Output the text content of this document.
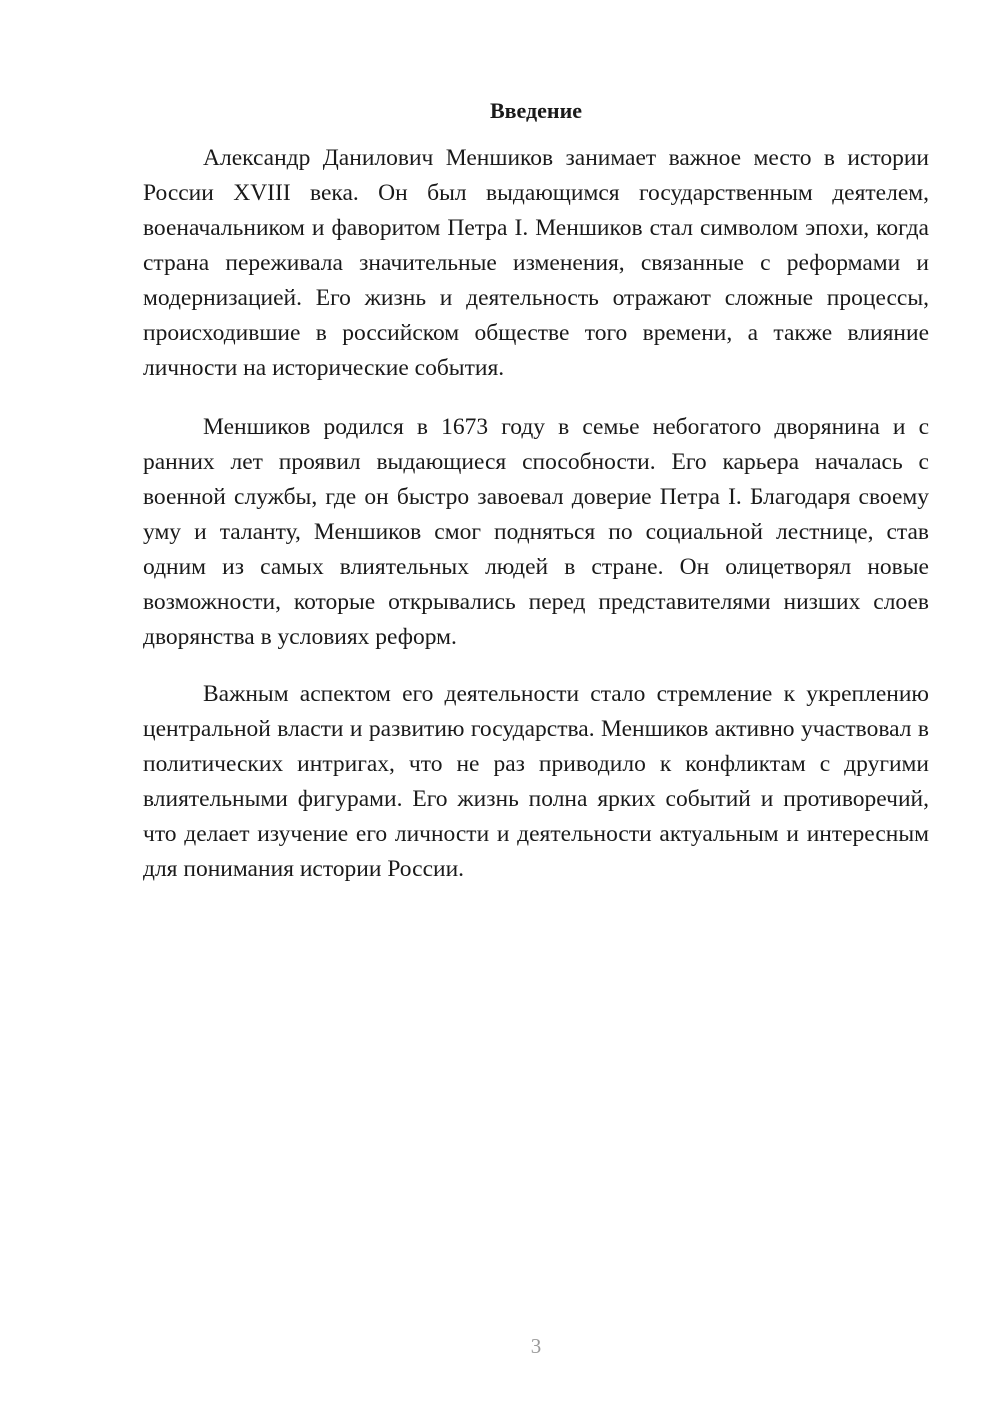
Введение

Александр Данилович Меншиков занимает важное место в истории России XVIII века. Он был выдающимся государственным деятелем, военачальником и фаворитом Петра I. Меншиков стал символом эпохи, когда страна переживала значительные изменения, связанные с реформами и модернизацией. Его жизнь и деятельность отражают сложные процессы, происходившие в российском обществе того времени, а также влияние личности на исторические события.

Меншиков родился в 1673 году в семье небогатого дворянина и с ранних лет проявил выдающиеся способности. Его карьера началась с военной службы, где он быстро завоевал доверие Петра I. Благодаря своему уму и таланту, Меншиков смог подняться по социальной лестнице, став одним из самых влиятельных людей в стране. Он олицетворял новые возможности, которые открывались перед представителями низших слоев дворянства в условиях реформ.

Важным аспектом его деятельности стало стремление к укреплению центральной власти и развитию государства. Меншиков активно участвовал в политических интригах, что не раз приводило к конфликтам с другими влиятельными фигурами. Его жизнь полна ярких событий и противоречий, что делает изучение его личности и деятельности актуальным и интересным для понимания истории России.

3
